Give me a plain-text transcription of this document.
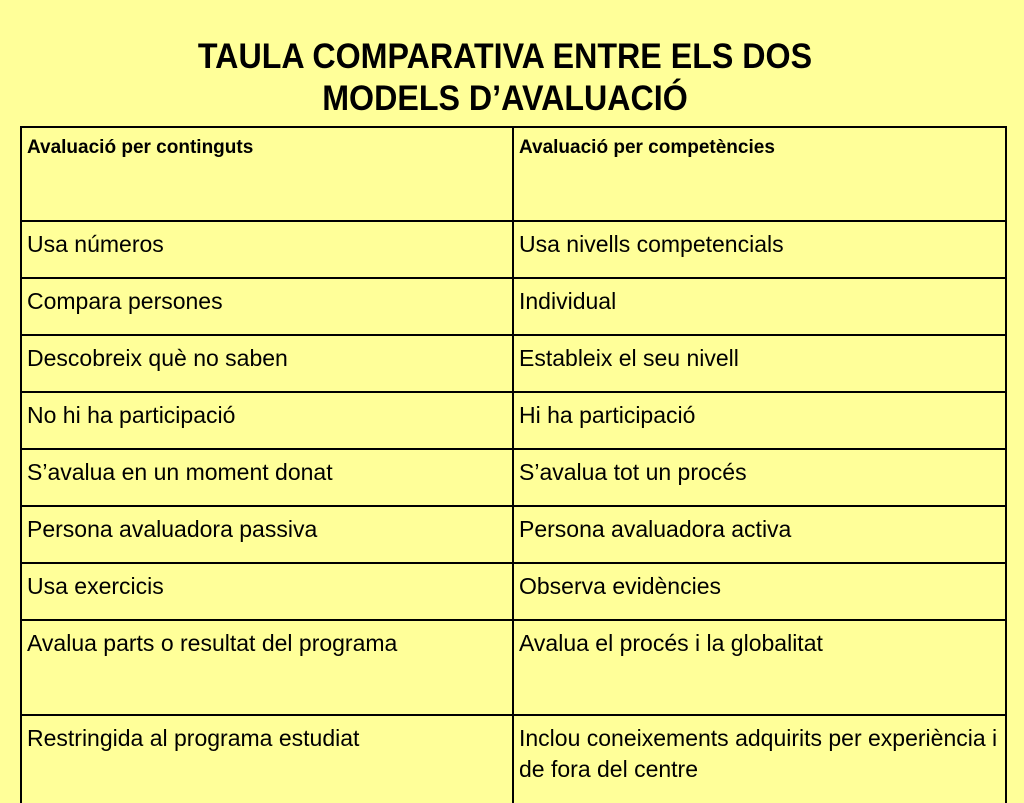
TAULA COMPARATIVA ENTRE ELS DOS
MODELS D’AVALUACIÓ
Avaluació per continguts	Avaluació per competències
Usa números	Usa nivells competencials
Compara persones	Individual
Descobreix què no saben	Estableix el seu nivell
No hi ha participació	Hi ha participació
S’avalua en un moment donat	S’avalua tot un procés
Persona avaluadora passiva	Persona avaluadora activa
Usa exercicis	Observa evidències
Avalua parts o resultat del programa	Avalua el procés i la globalitat
Restringida al programa estudiat	Inclou coneixements adquirits per experiència i de fora del centre
